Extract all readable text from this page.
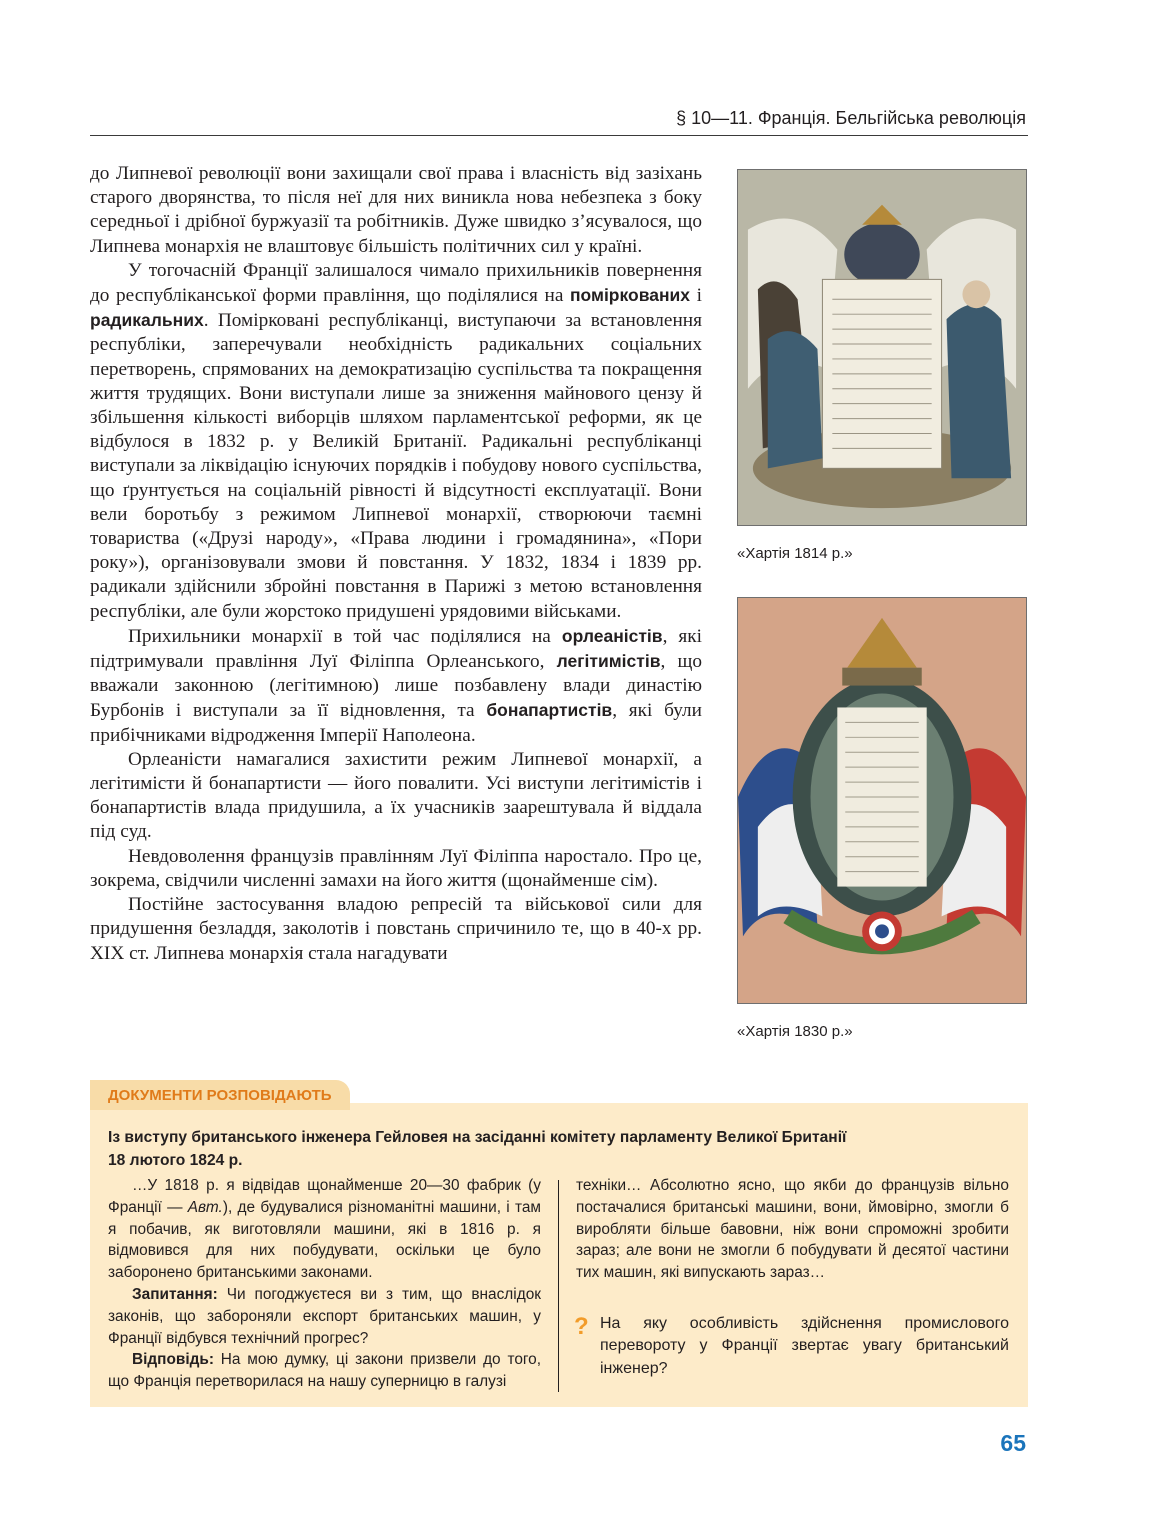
§ 10—11. Франція. Бельгійська революція

до Липневої революції вони захищали свої права і власність від зазіхань старого дворянства, то після неї для них виникла нова небезпека з боку середньої і дрібної буржуазії та робітників. Дуже швидко з’ясувалося, що Липнева монархія не влаштовує більшість політичних сил у країні.

У тогочасній Франції залишалося чимало прихильників повернення до республіканської форми правління, що поділялися на поміркованих і радикальних. Поміркованi республіканці, виступаючи за встановлення республіки, заперечували необхідність радикальних соціальних перетворень, спрямованих на демократизацію суспільства та покращення життя трудящих. Вони виступали лише за зниження майнового цензу й збільшення кількості виборців шляхом парламентської реформи, як це відбулося в 1832 р. у Великій Британії. Радикальні республіканці виступали за ліквідацію існуючих порядків і побудову нового суспільства, що ґрунтується на соціальній рівності й відсутності експлуатації. Вони вели боротьбу з режимом Липневої монархії, створюючи таємні товариства («Друзі народу», «Права людини і громадянина», «Пори року»), організовували змови й повстання. У 1832, 1834 і 1839 рр. радикали здійснили збройні повстання в Парижі з метою встановлення республіки, але були жорстоко придушені урядовими військами.

Прихильники монархії в той час поділялися на орлеаністів, які підтримували правління Луї Філіппа Орлеанського, легітимістів, що вважали законною (легітимною) лише позбавлену влади династію Бурбонів і виступали за її відновлення, та бонапартистів, які були прибічниками відродження Імперії Наполеона.

Орлеаністи намагалися захистити режим Липневої монархії, а легітимісти й бонапартисти — його повалити. Усі виступи легітимістів і бонапартистів влада придушила, а їх учасників заарештувала й віддала під суд.

Невдоволення французів правлінням Луї Філіппа наростало. Про це, зокрема, свідчили численні замахи на його життя (щонайменше сім).

Постійне застосування владою репресій та військової сили для придушення безладдя, заколотів і повстань спричинило те, що в 40-х рр. XIX ст. Липнева монархія стала нагадувати

«Хартія 1814 р.»
«Хартія 1830 р.»
ДОКУМЕНТИ РОЗПОВІДАЮТЬ
Із виступу британського інженера Гейловея на засіданні комітету парламенту Великої Британії
18 лютого 1824 р.

…У 1818 р. я відвідав щонайменше 20—30 фабрик (у Франції — Авт.), де будувалися різноманітні машини, і там я побачив, як виготовляли машини, які в 1816 р. я відмовився для них побудувати, оскільки це було заборонено британськими законами.

Запитання: Чи погоджуєтеся ви з тим, що внаслідок законів, що забороняли експорт британських машин, у Франції відбувся технічний прогрес?

Відповідь: На мою думку, ці закони призвели до того, що Франція перетворилася на нашу суперницю в галузі

техніки… Абсолютно ясно, що якби до французів вільно постачалися британські машини, вони, ймовірно, змогли б виробляти більше бавовни, ніж вони спроможні зробити зараз; але вони не змогли б побудувати й десятої частини тих машин, які випускають зараз…

? На яку особливість здійснення промислового перевороту у Франції звертає увагу британський інженер?
65
